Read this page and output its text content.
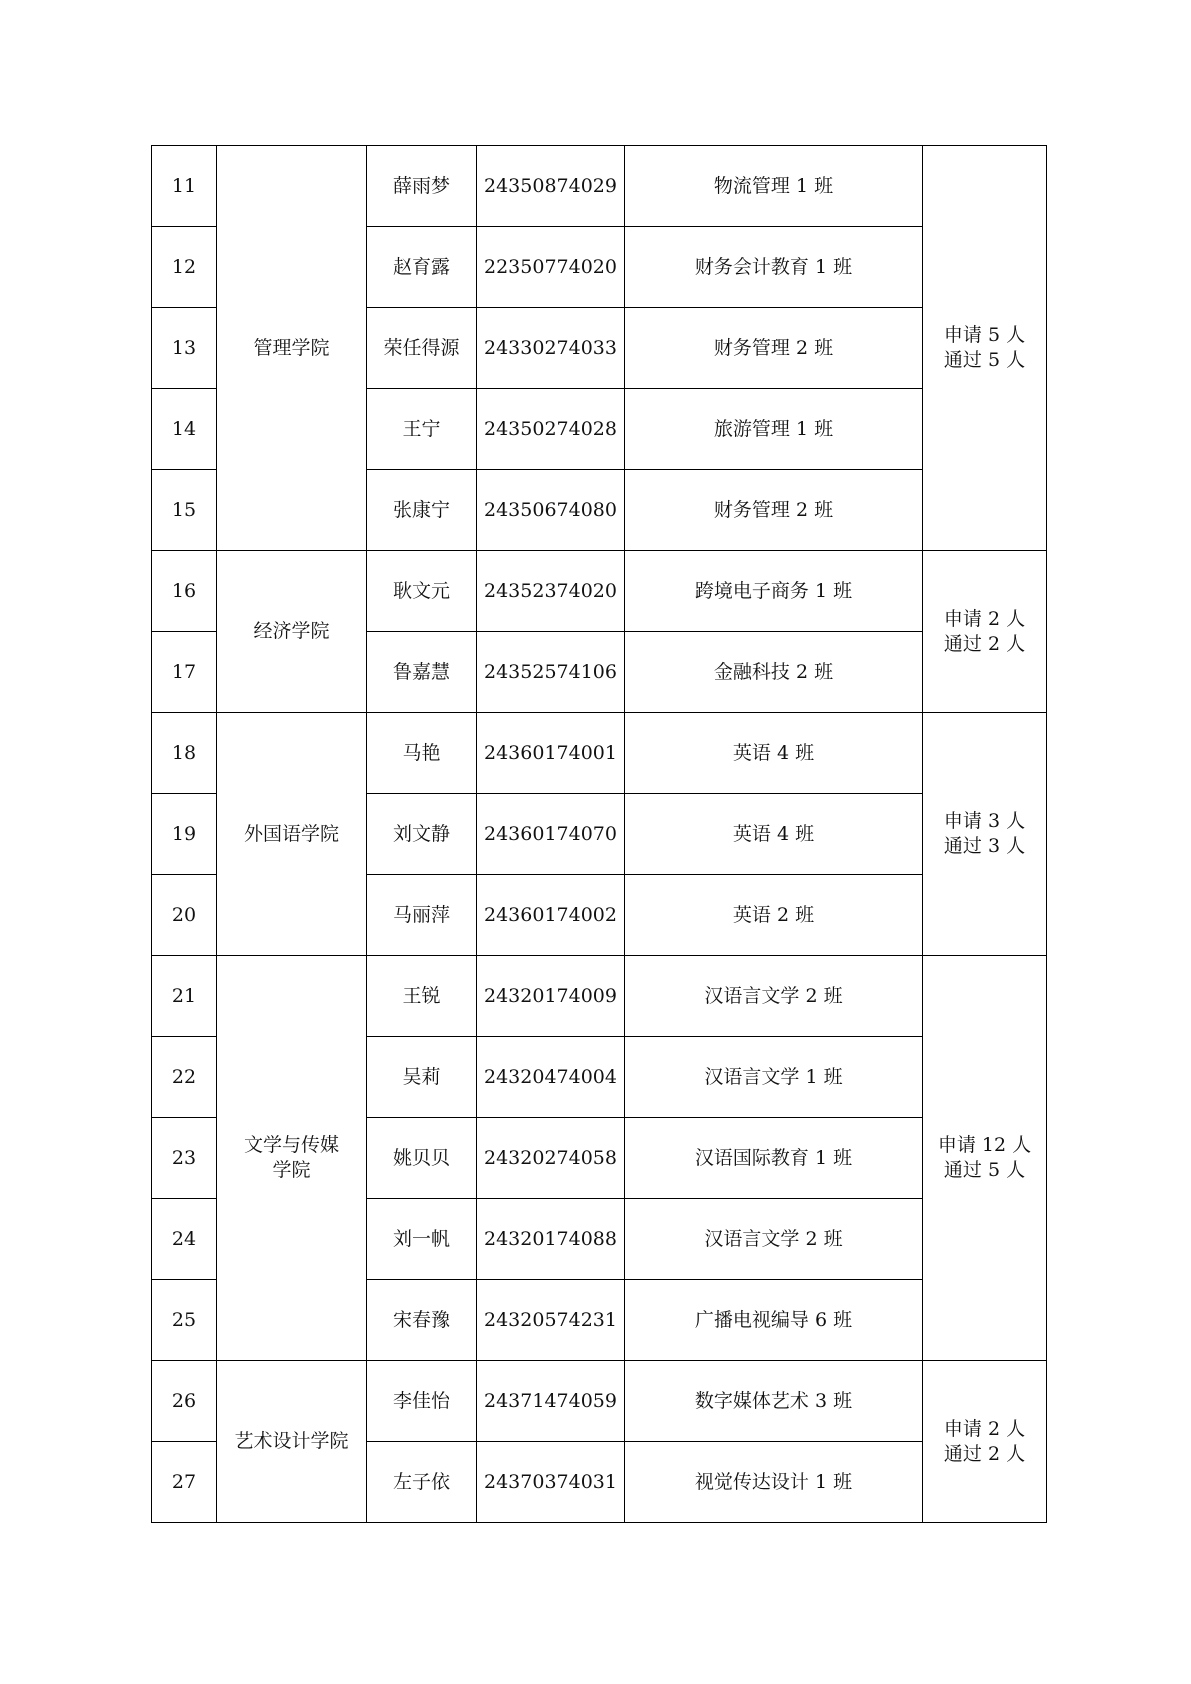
11	管理学院	薛雨梦	24350874029	物流管理 1 班	申请 5 人
通过 5 人

12		赵育露	22350774020	财务会计教育 1 班	
13		荣任得源	24330274033	财务管理 2 班	
14		王宁	24350274028	旅游管理 1 班	
15		张康宁	24350674080	财务管理 2 班	
16	经济学院	耿文元	24352374020	跨境电子商务 1 班	申请 2 人
通过 2 人

17		鲁嘉慧	24352574106	金融科技 2 班	
18	外国语学院	马艳	24360174001	英语 4 班	申请 3 人
通过 3 人

19		刘文静	24360174070	英语 4 班	
20		马丽萍	24360174002	英语 2 班	
21	文学与传媒
学院	王锐	24320174009	汉语言文学 2 班	申请 12 人
通过 5 人

22		吴莉	24320474004	汉语言文学 1 班	
23		姚贝贝	24320274058	汉语国际教育 1 班	
24		刘一帆	24320174088	汉语言文学 2 班	
25		宋春豫	24320574231	广播电视编导 6 班	
26	艺术设计学院	李佳怡	24371474059	数字媒体艺术 3 班	申请 2 人
通过 2 人

27		左子依	24370374031	视觉传达设计 1 班	
